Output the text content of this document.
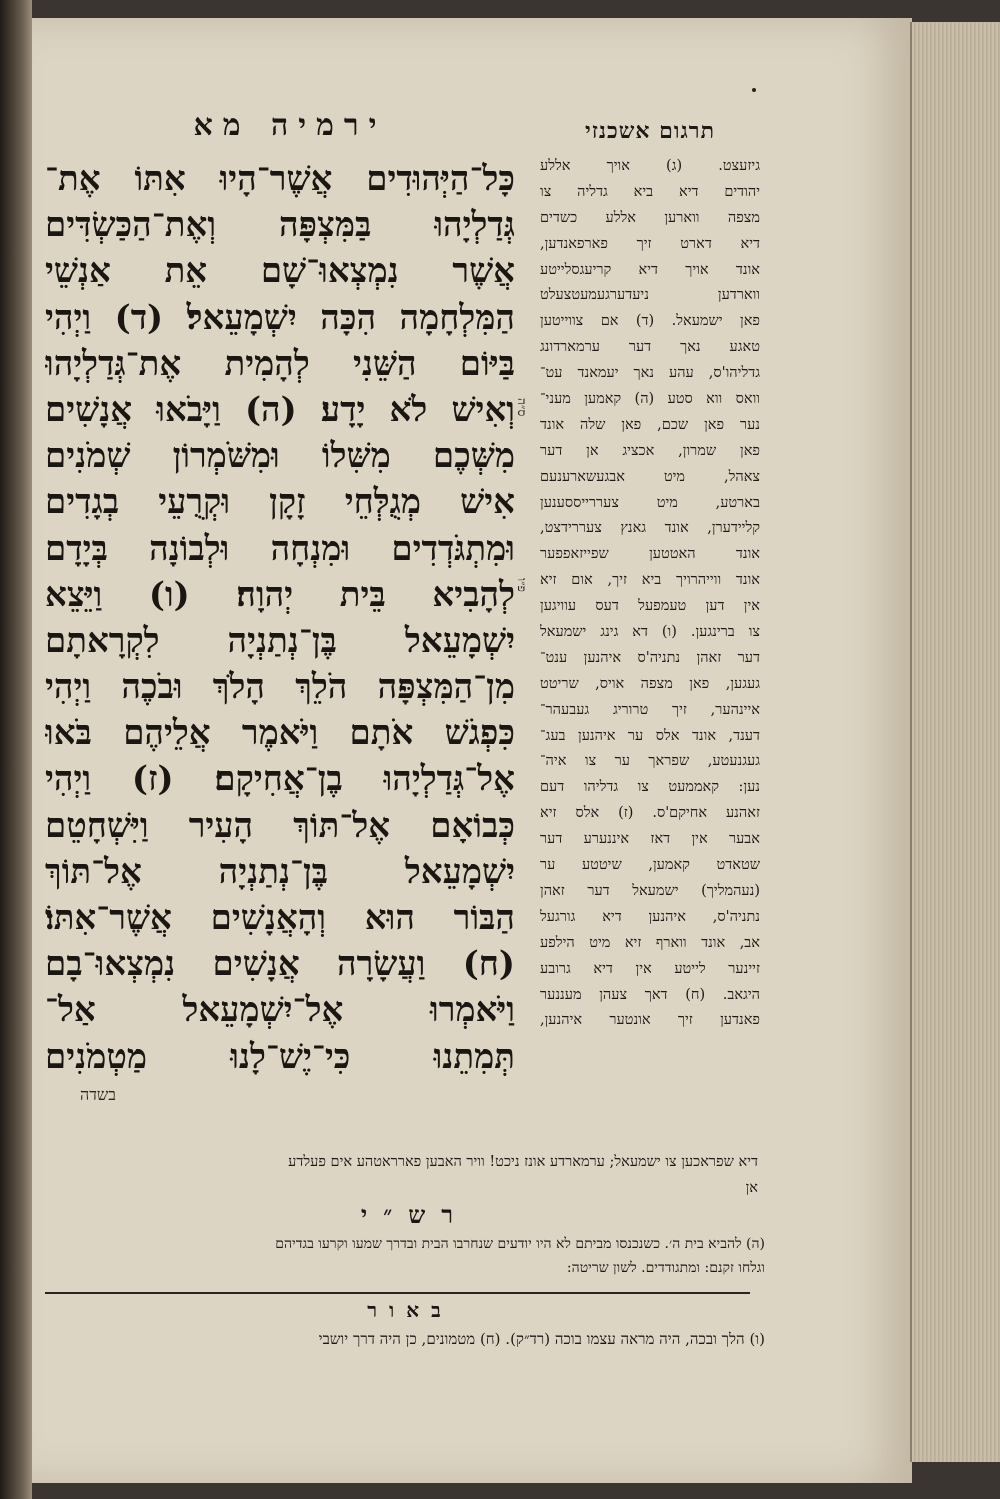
ירמיה מא
כָּל־הַיְּהוּדִים אֲשֶׁר־הָיוּ אִתּוֹ אֶת־
גְּדַלְיָהוּ בַּמִּצְפָּה וְאֶת־הַכַּשְׂדִּים
אֲשֶׁר נִמְצְאוּ־שָׁם אֵת אַנְשֵׁי
הַמִּלְחָמָה הִכָּה יִשְׁמָעֵאל׃ (ד) וַיְהִי
בַּיּוֹם הַשֵּׁנִי לְהָמִית אֶת־גְּדַלְיָהוּ
וְאִישׁ לֹא יָדָע׃ (ה) וַיָּבֹאוּ אֲנָשִׁים
מִשְּׁכֶם מִשִּׁלוֹ וּמִשֹּׁמְרוֹן שְׁמֹנִים
אִישׁ מְגֻלְּחֵי זָקָן וּקְרֻעֵי בְגָדִים
וּמִתְגֹּדְדִים וּמִנְחָה וּלְבוֹנָה בְּיָדָם
לְהָבִיא בֵּית יְהוָה׃ (ו) וַיֵּצֵא
יִשְׁמָעֵאל בֶּן־נְתַנְיָה לִקְרָאתָם
מִן־הַמִּצְפָּה הֹלֵךְ הָלֹךְ וּבֹכֶה וַיְהִי
כִּפְגֹשׁ אֹתָם וַיֹּאמֶר אֲלֵיהֶם בֹּאוּ
אֶל־גְּדַלְיָהוּ בֶן־אֲחִיקָם׃ (ז) וַיְהִי
כְּבוֹאָם אֶל־תּוֹךְ הָעִיר וַיִּשְׁחָטֵם
יִשְׁמָעֵאל בֶּן־נְתַנְיָה אֶל־תּוֹךְ
הַבּוֹר הוּא וְהָאֲנָשִׁים אֲשֶׁר־אִתּוֹ׃
(ח) וַעֲשָׂרָה אֲנָשִׁים נִמְצְאוּ־בָם
וַיֹּאמְרוּ אֶל־יִשְׁמָעֵאל אַל־
תְּמִתֵנוּ כִּי־יֶשׁ־לָנוּ מַטְמֹנִים
בשדה
ס״ה
פ״ו
תרגום אשכנזי
גיזעצט. (ג) אויך אללע
יהודים דיא ביא גדליה צו
מצפה ווארען אללע כשדים
דיא דארט זיך פארפאנדען,
אונד אויך דיא קריעגסלייטע
ווארדען ניעדערגעמעטצעלט
פאן ישמעאל. (ד) אם צווייטען
טאגע נאך דער ערמארדונג
גדליהו'ס, עהע נאך יעמאנד עט־
וואס ווא סטע (ה) קאמען מעני־
נער פאן שכם, פאן שלה אונד
פאן שמרון, אכציג אן דער
צאהל, מיט אבגעשארענעם
בארטע, מיט צעררייססענען
קליידערן, אונד גאנץ צעררידצט,
אונד האטטען שפייזאפפער
אונד ווייהרויך ביא זיך, אום זיא
אין דען טעמפעל דעס עוויגען
צו ברינגען. (ו) דא גינג ישמעאל
דער זאהן נתניה'ס איהנען ענט־
געגען, פאן מצפה אויס, שריטט
איינהער, זיך טרוריג געבעהר־
דענד, אונד אלס ער איהנען בעג־
געגנעטע, שפראך ער צו איה־
נען: קאממעט צו גדליהו דעם
זאהנע אחיקם'ס. (ז) אלס זיא
אבער אין דאז איננערע דער
שטאדט קאמען, שיטטע ער
(נעהמליך) ישמעאל דער זאהן
נתניה'ס, איהנען דיא גורגעל
אב, אונד ווארף זיא מיט הילפע
זיינער לייטע אין דיא גרובע
היגאב. (ח) דאך צעהן מעננער
פאנדען זיך אונטער איהנען,
דיא שפראכען צו ישמעאל; ערמארדע אונז ניכט! וויר האבען פארראטהע אים פעלדע
אן
רש״י
(ה) להביא בית ה׳. כשנכנסו מביתם לא היו יודעים שנחרבו הבית ובדרך שמעו וקרעו בגדיהם
וגלחו זקנם: ומתגודדים. לשון שריטה:
באור
(ו) הלך ובכה, היה מראה עצמו בוכה (רד״ק). (ח) מטמונים, כן היה דרך יושבי
